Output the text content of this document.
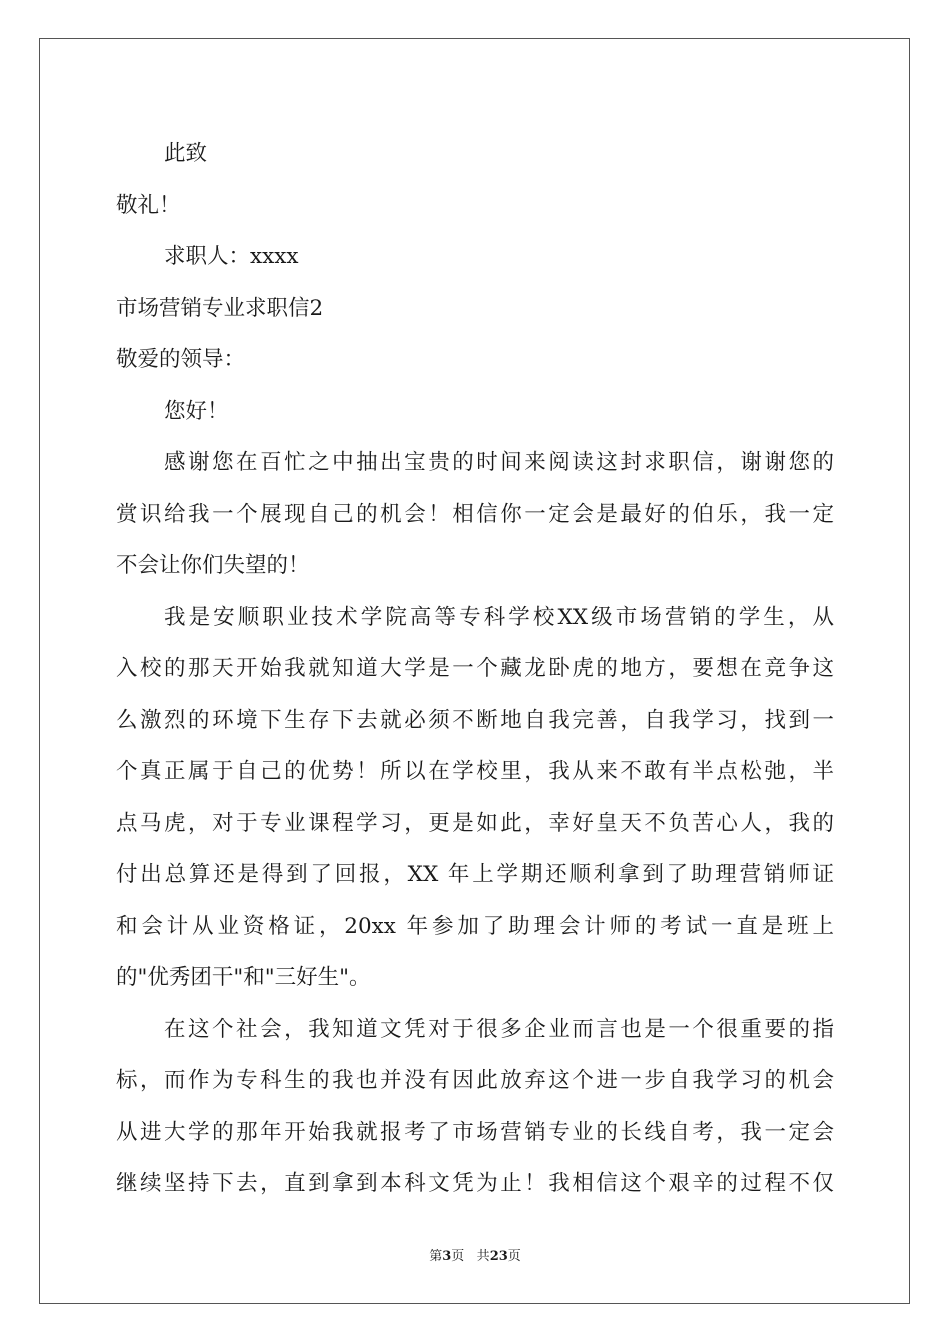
此致
敬礼！
求职人：xxxx
市场营销专业求职信2
敬爱的领导：
您好！
感谢您在百忙之中抽出宝贵的时间来阅读这封求职信，谢谢您的
赏识给我一个展现自己的机会！相信你一定会是最好的伯乐，我一定
不会让你们失望的！
我是安顺职业技术学院高等专科学校XX级市场营销的学生，从
入校的那天开始我就知道大学是一个藏龙卧虎的地方，要想在竞争这
么激烈的环境下生存下去就必须不断地自我完善，自我学习，找到一
个真正属于自己的优势！所以在学校里，我从来不敢有半点松弛，半
点马虎，对于专业课程学习，更是如此，幸好皇天不负苦心人，我的
付出总算还是得到了回报，XX 年上学期还顺利拿到了助理营销师证
和会计从业资格证，20xx 年参加了助理会计师的考试一直是班上
的"优秀团干"和"三好生"。
在这个社会，我知道文凭对于很多企业而言也是一个很重要的指
标，而作为专科生的我也并没有因此放弃这个进一步自我学习的机会
从进大学的那年开始我就报考了市场营销专业的长线自考，我一定会
继续坚持下去，直到拿到本科文凭为止！我相信这个艰辛的过程不仅
第3页 共23页
